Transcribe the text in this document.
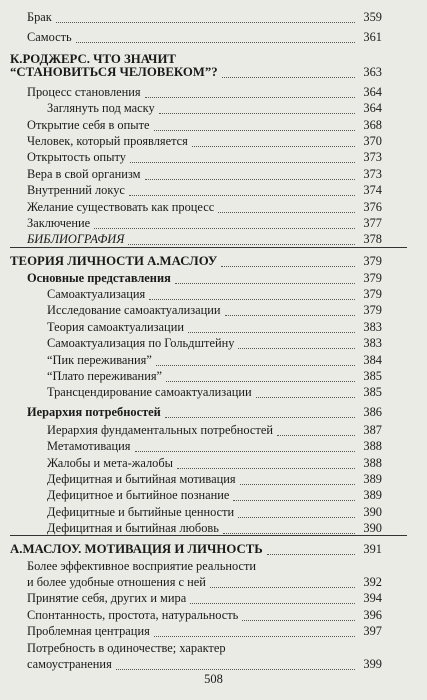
Брак	359
Самость	361
К.РОДЖЕРС. ЧТО ЗНАЧИТ
“СТАНОВИТЬСЯ ЧЕЛОВЕКОМ”?	363
Процесс становления	364
Заглянуть под маску	364
Открытие себя в опыте	368
Человек, который проявляется	370
Открытость опыту	373
Вера в свой организм	373
Внутренний локус	374
Желание существовать как процесс	376
Заключение	377
БИБЛИОГРАФИЯ	378
ТЕОРИЯ ЛИЧНОСТИ А.МАСЛОУ	379
Основные представления	379
Самоактуализация	379
Исследование самоактуализации	379
Теория самоактуализации	383
Самоактуализация по Гольдштейну	383
“Пик переживания”	384
“Плато переживания”	385
Трансцендирование самоактуализации	385
Иерархия потребностей	386
Иерархия фундаментальных потребностей	387
Метамотивация	388
Жалобы и мета-жалобы	388
Дефицитная и бытийная мотивация	389
Дефицитное и бытийное познание	389
Дефицитные и бытийные ценности	390
Дефицитная и бытийная любовь	390
А.МАСЛОУ. МОТИВАЦИЯ И ЛИЧНОСТЬ	391
Более эффективное восприятие реальности
и более удобные отношения с ней	392
Принятие себя, других и мира	394
Спонтанность, простота, натуральность	396
Проблемная центрация	397
Потребность в одиночестве; характер
самоустранения	399
508
